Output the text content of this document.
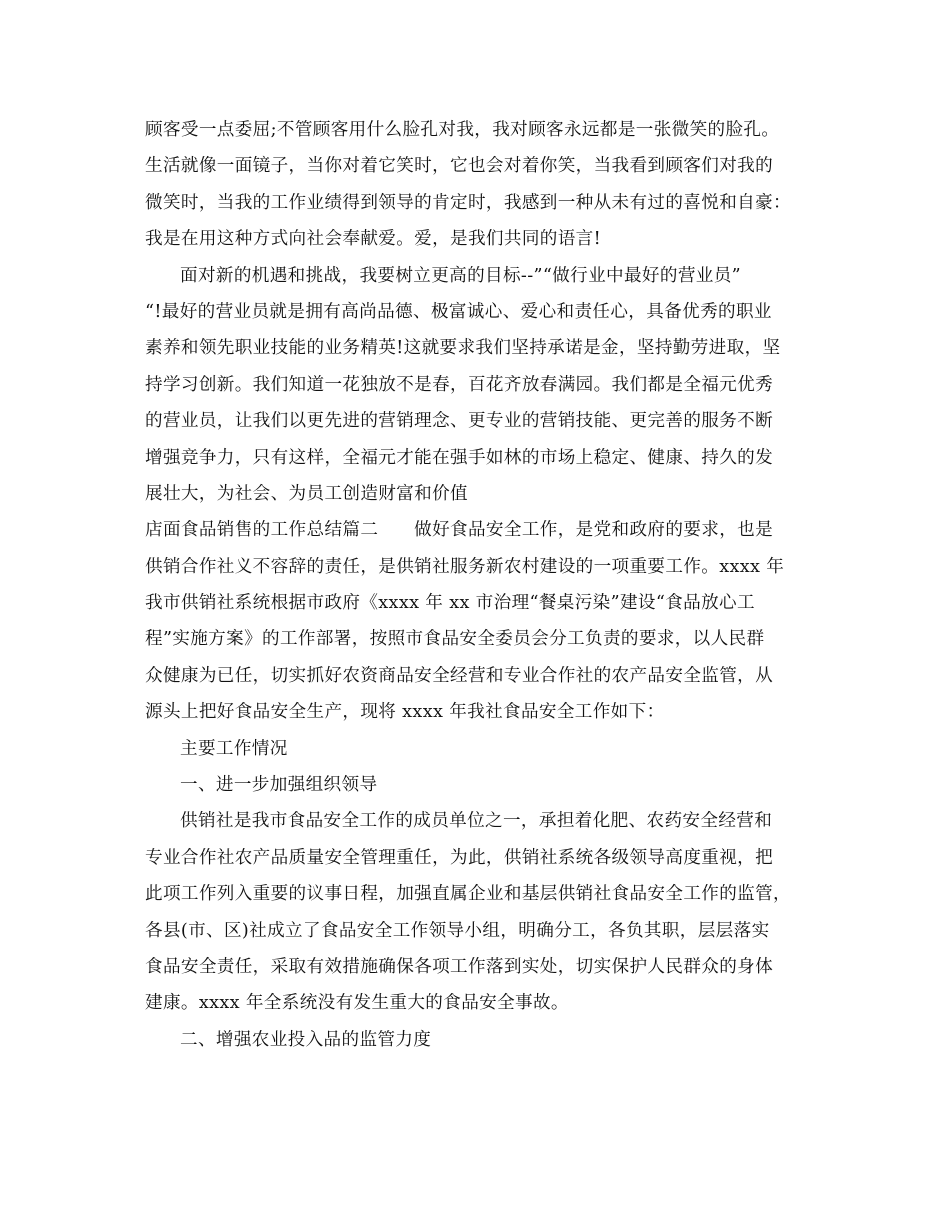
顾客受一点委屈;不管顾客用什么脸孔对我，我对顾客永远都是一张微笑的脸孔。
生活就像一面镜子，当你对着它笑时，它也会对着你笑，当我看到顾客们对我的
微笑时，当我的工作业绩得到领导的肯定时，我感到一种从未有过的喜悦和自豪：
我是在用这种方式向社会奉献爱。爱，是我们共同的语言!
面对新的机遇和挑战，我要树立更高的目标--”“做行业中最好的营业员”
“!最好的营业员就是拥有高尚品德、极富诚心、爱心和责任心，具备优秀的职业
素养和领先职业技能的业务精英!这就要求我们坚持承诺是金，坚持勤劳进取，坚
持学习创新。我们知道一花独放不是春，百花齐放春满园。我们都是全福元优秀
的营业员，让我们以更先进的营销理念、更专业的营销技能、更完善的服务不断
增强竞争力，只有这样，全福元才能在强手如林的市场上稳定、健康、持久的发
展壮大，为社会、为员工创造财富和价值
店面食品销售的工作总结篇二　　做好食品安全工作，是党和政府的要求，也是
供销合作社义不容辞的责任，是供销社服务新农村建设的一项重要工作。xxxx 年
我市供销社系统根据市政府《xxxx 年 xx 市治理“餐桌污染”建设“食品放心工
程”实施方案》的工作部署，按照市食品安全委员会分工负责的要求，以人民群
众健康为已任，切实抓好农资商品安全经营和专业合作社的农产品安全监管，从
源头上把好食品安全生产，现将 xxxx 年我社食品安全工作如下：
主要工作情况
一、进一步加强组织领导
供销社是我市食品安全工作的成员单位之一，承担着化肥、农药安全经营和
专业合作社农产品质量安全管理重任，为此，供销社系统各级领导高度重视，把
此项工作列入重要的议事日程，加强直属企业和基层供销社食品安全工作的监管，
各县(市、区)社成立了食品安全工作领导小组，明确分工，各负其职，层层落实
食品安全责任，采取有效措施确保各项工作落到实处，切实保护人民群众的身体
建康。xxxx 年全系统没有发生重大的食品安全事故。
二、增强农业投入品的监管力度
